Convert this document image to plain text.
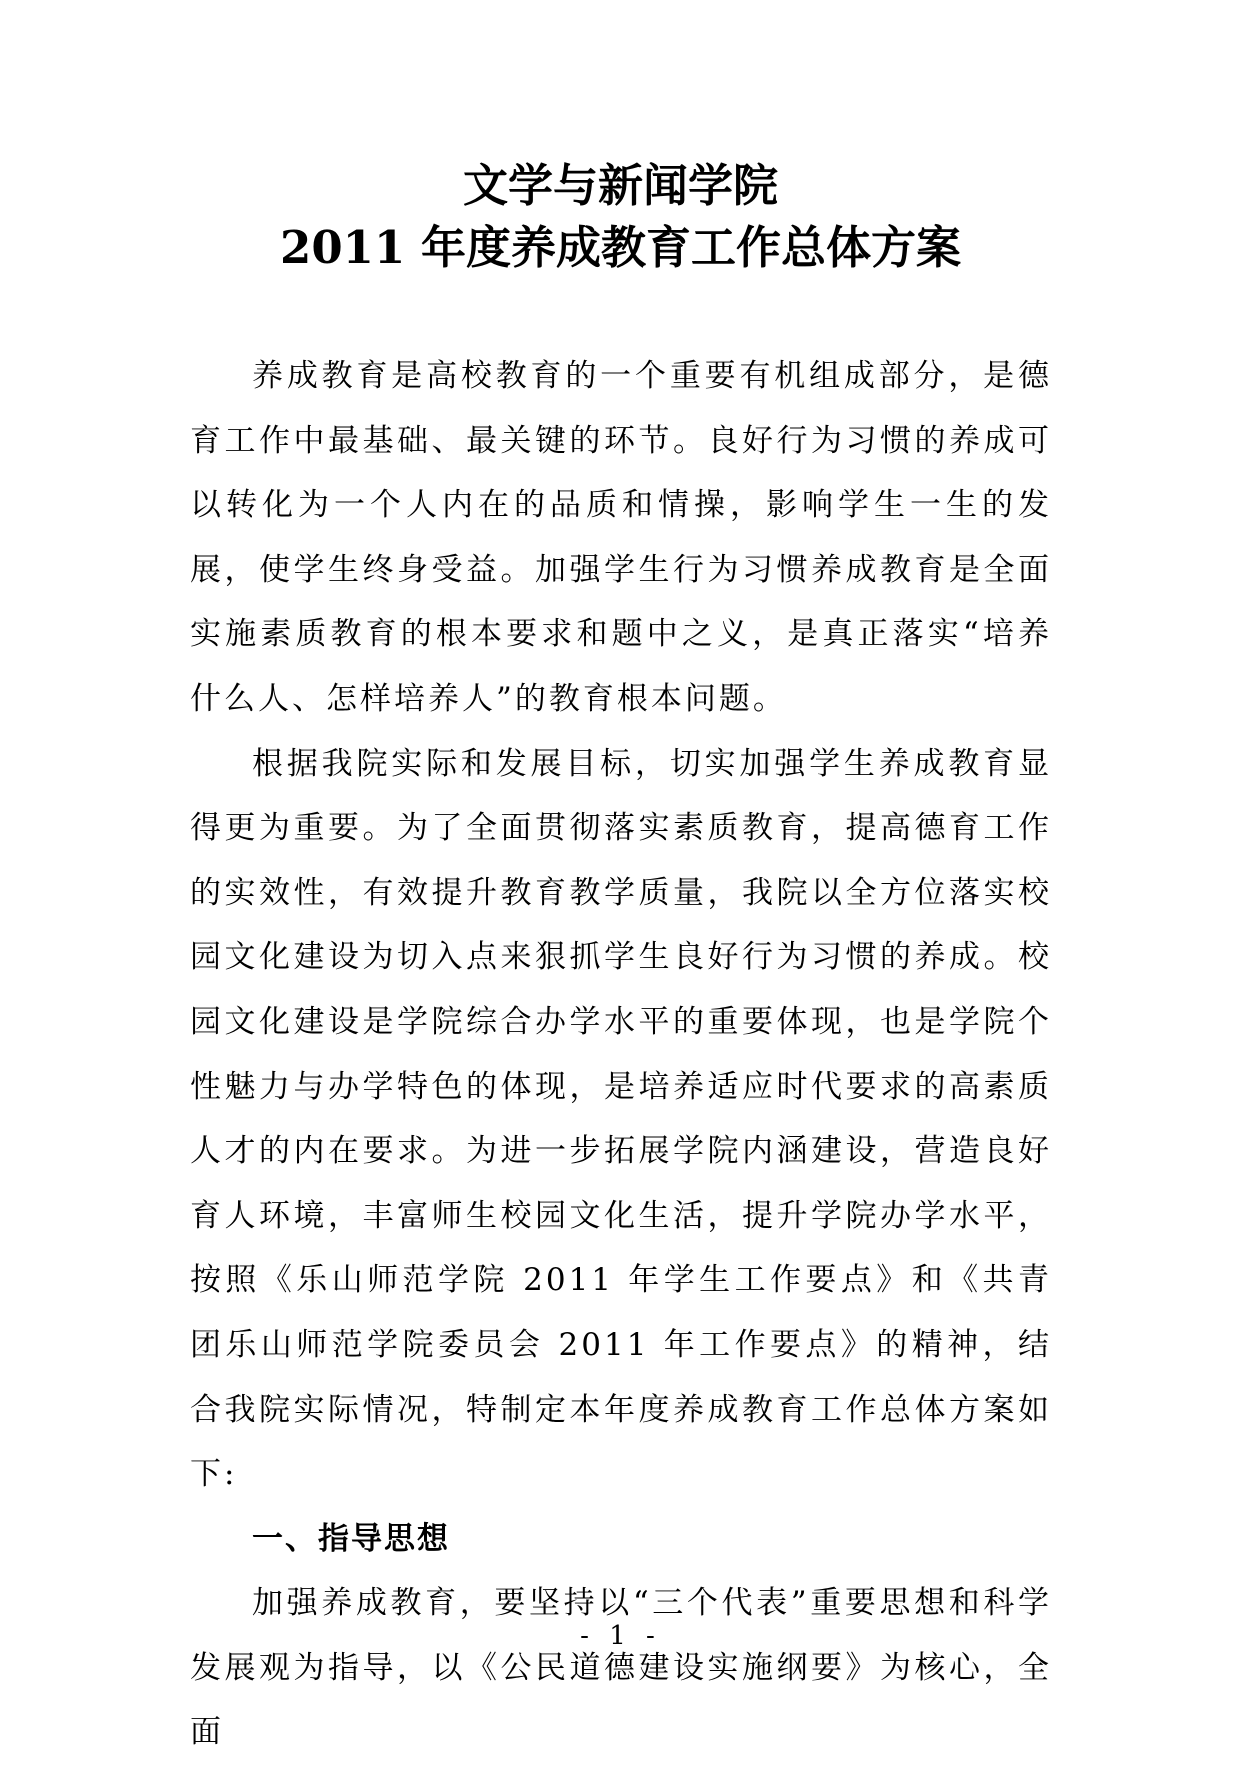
文学与新闻学院
2011 年度养成教育工作总体方案

养成教育是高校教育的一个重要有机组成部分，是德育工作中最基础、最关键的环节。良好行为习惯的养成可以转化为一个人内在的品质和情操，影响学生一生的发展，使学生终身受益。加强学生行为习惯养成教育是全面实施素质教育的根本要求和题中之义，是真正落实“培养什么人、怎样培养人”的教育根本问题。

根据我院实际和发展目标，切实加强学生养成教育显得更为重要。为了全面贯彻落实素质教育，提高德育工作的实效性，有效提升教育教学质量，我院以全方位落实校园文化建设为切入点来狠抓学生良好行为习惯的养成。校园文化建设是学院综合办学水平的重要体现，也是学院个性魅力与办学特色的体现，是培养适应时代要求的高素质人才的内在要求。为进一步拓展学院内涵建设，营造良好育人环境，丰富师生校园文化生活，提升学院办学水平，按照《乐山师范学院 2011 年学生工作要点》和《共青团乐山师范学院委员会 2011 年工作要点》的精神，结合我院实际情况，特制定本年度养成教育工作总体方案如下:

一、指导思想

加强养成教育，要坚持以“三个代表”重要思想和科学发展观为指导，以《公民道德建设实施纲要》为核心，全面

- 1 -
